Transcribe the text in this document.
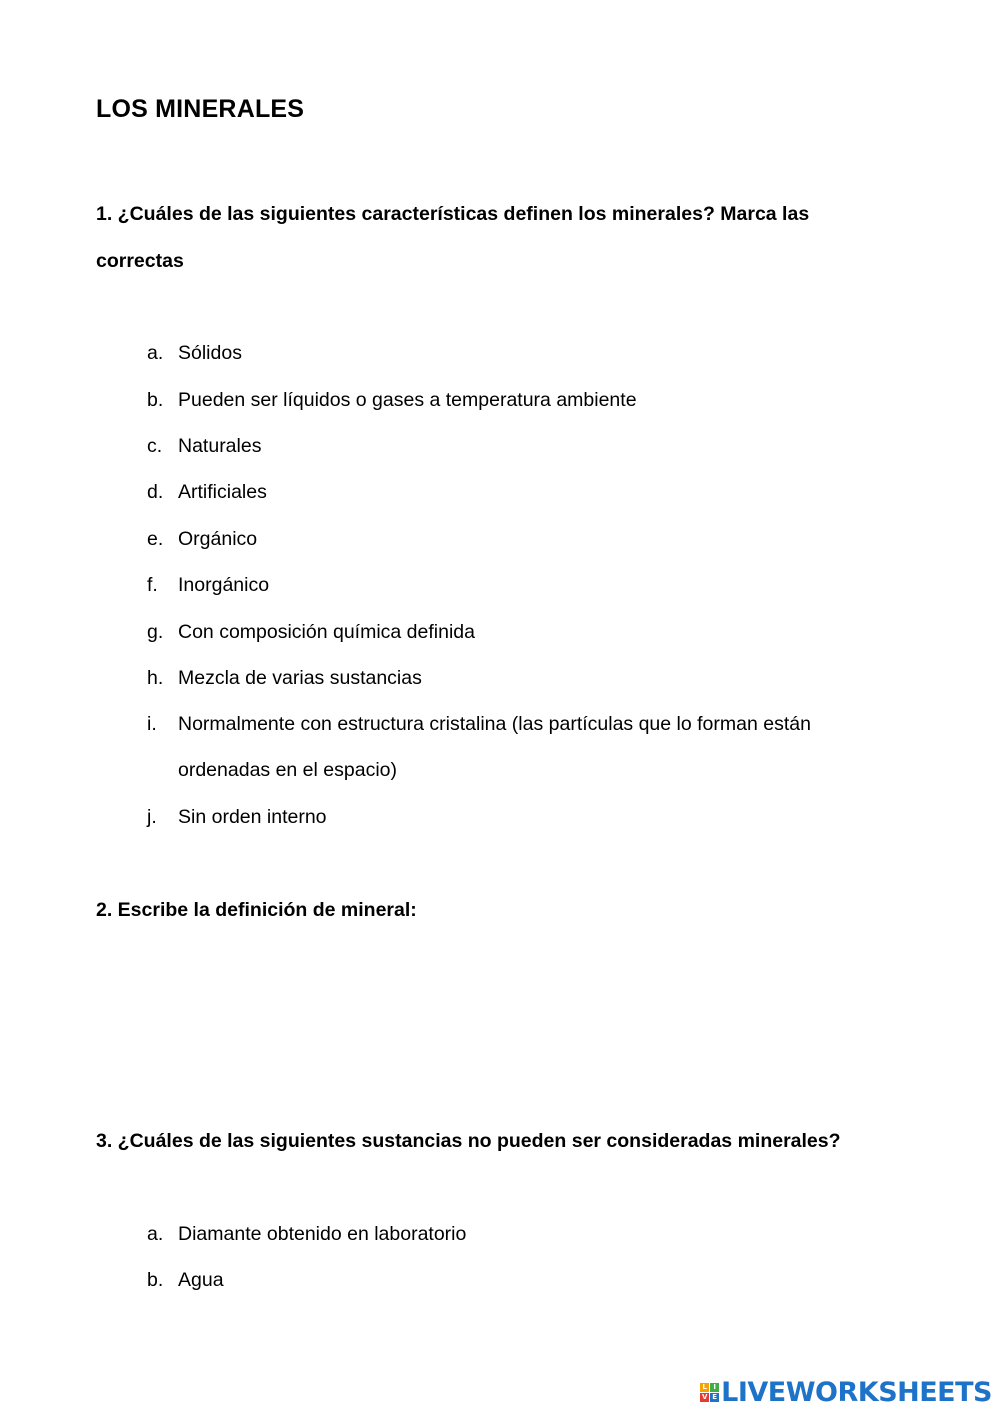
LOS MINERALES
1. ¿Cuáles de las siguientes características definen los minerales? Marca las correctas
a. Sólidos
b. Pueden ser líquidos o gases a temperatura ambiente
c. Naturales
d. Artificiales
e. Orgánico
f. Inorgánico
g. Con composición química definida
h. Mezcla de varias sustancias
i. Normalmente con estructura cristalina (las partículas que lo forman están ordenadas en el espacio)
j. Sin orden interno
2. Escribe la definición de mineral:
3. ¿Cuáles de las siguientes sustancias no pueden ser consideradas minerales?
a. Diamante obtenido en laboratorio
b. Agua
L I
V E LIVEWORKSHEETS
